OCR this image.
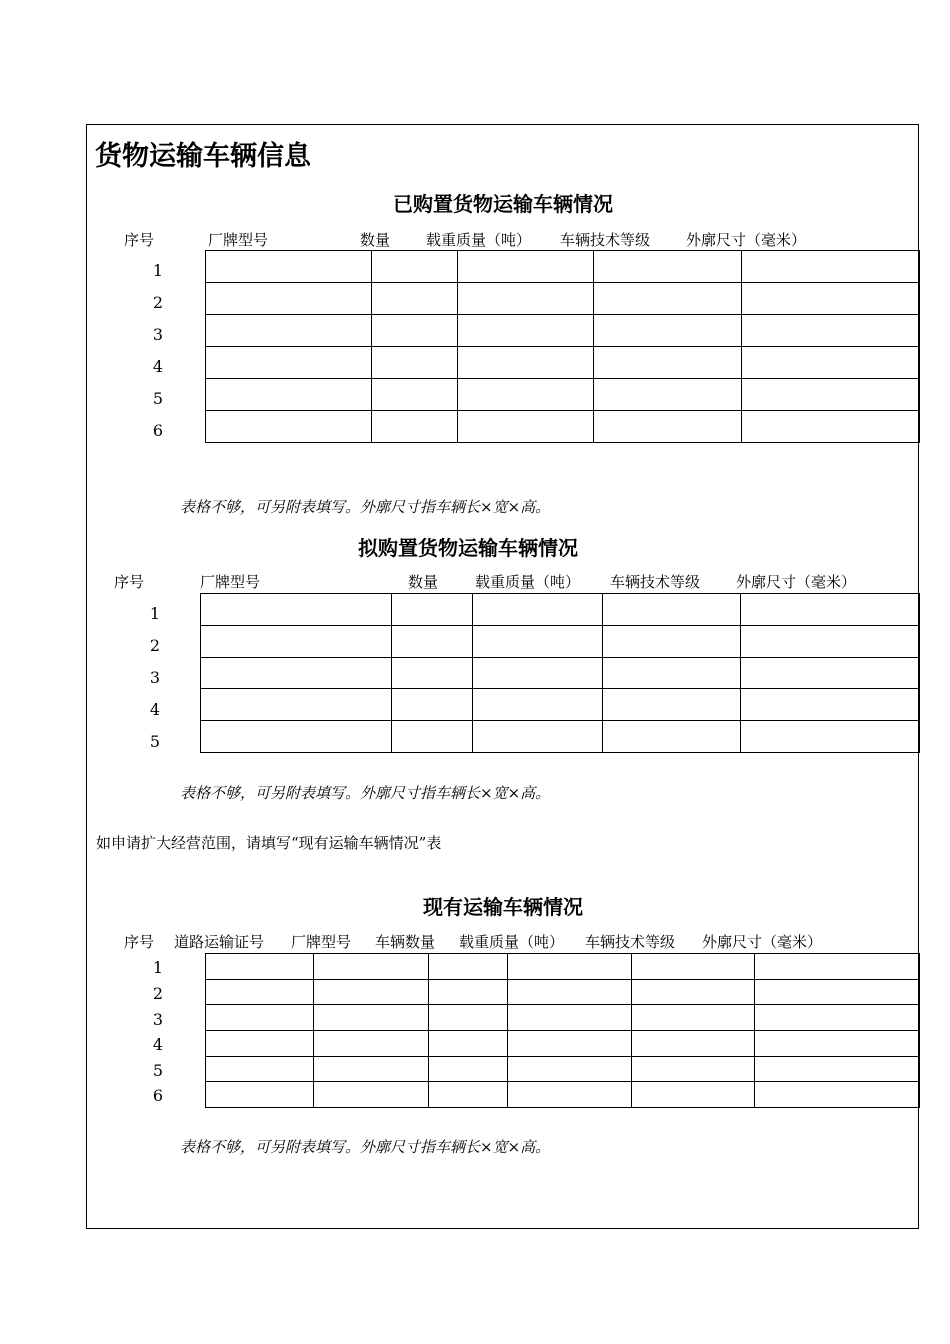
货物运输车辆信息
已购置货物运输车辆情况
序号	厂牌型号	数量 载重质量（吨） 车辆技术等级 外廓尺寸（毫米）
1
2
3
4
5
6

表格不够，可另附表填写。外廓尺寸指车辆长×宽×高。
拟购置货物运输车辆情况
序号	厂牌型号	数量 载重质量（吨） 车辆技术等级 外廓尺寸（毫米）
1
2
3
4
5

表格不够，可另附表填写。外廓尺寸指车辆长×宽×高。
如申请扩大经营范围，请填写“现有运输车辆情况”表
现有运输车辆情况
序号 道路运输证号 厂牌型号 车辆数量 载重质量（吨） 车辆技术等级 外廓尺寸（毫米）
1
2
3
4
5
6

表格不够，可另附表填写。外廓尺寸指车辆长×宽×高。
